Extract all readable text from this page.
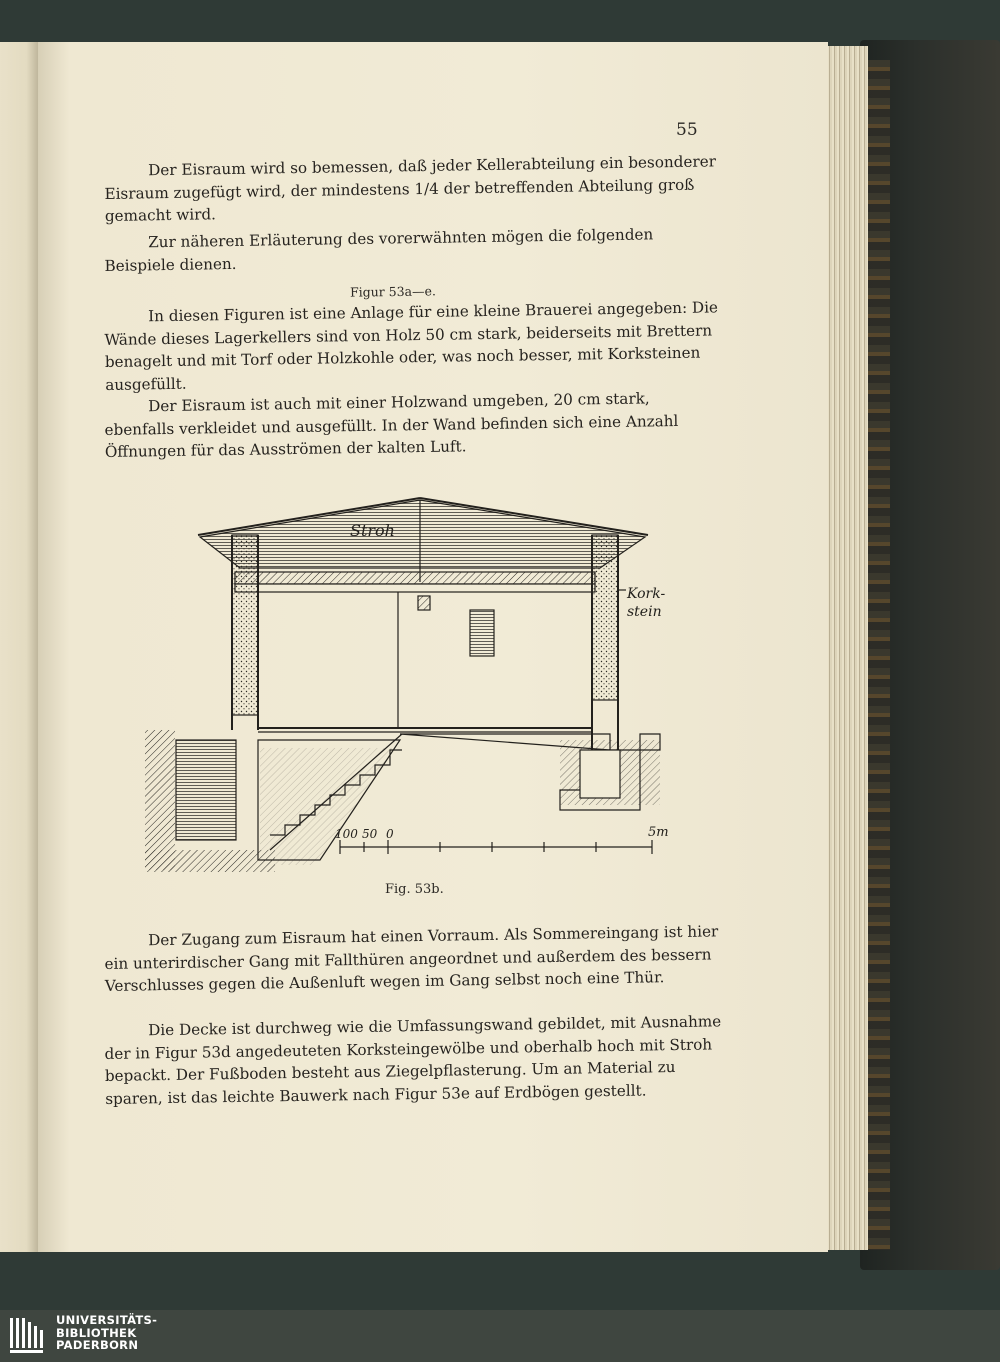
55
Der Eisraum wird so bemessen, daß jeder Kellerabteilung ein besonderer Eisraum zugefügt wird, der mindestens 1/4 der betreffenden Abteilung groß gemacht wird.
Zur näheren Erläuterung des vorerwähnten mögen die folgenden Beispiele dienen.
Figur 53a—e.
In diesen Figuren ist eine Anlage für eine kleine Brauerei angegeben: Die Wände dieses Lagerkellers sind von Holz 50 cm stark, beiderseits mit Brettern benagelt und mit Torf oder Holzkohle oder, was noch besser, mit Korksteinen ausgefüllt.
Der Eisraum ist auch mit einer Holzwand umgeben, 20 cm stark, ebenfalls verkleidet und ausgefüllt. In der Wand befinden sich eine Anzahl Öffnungen für das Ausströmen der kalten Luft.
Stroh
Kork-
stein
100 50 0	5m
Fig. 53b.
Der Zugang zum Eisraum hat einen Vorraum. Als Sommereingang ist hier ein unterirdischer Gang mit Fallthüren angeordnet und außerdem des bessern Verschlusses gegen die Außenluft wegen im Gang selbst noch eine Thür.
Die Decke ist durchweg wie die Umfassungswand gebildet, mit Ausnahme der in Figur 53d angedeuteten Korksteingewölbe und oberhalb hoch mit Stroh bepackt. Der Fußboden besteht aus Ziegelpflasterung. Um an Material zu sparen, ist das leichte Bauwerk nach Figur 53e auf Erdbögen gestellt.
UNIVERSITÄTS-
BIBLIOTHEK
PADERBORN
